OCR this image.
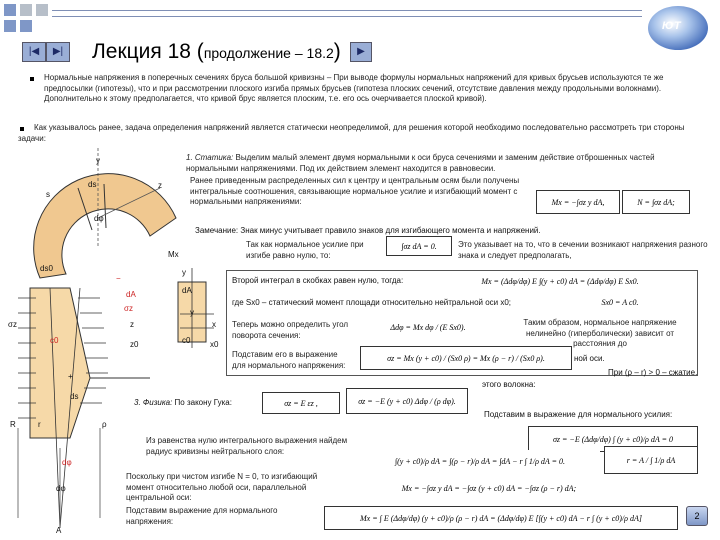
ЮТ
|◀	▶|	Лекция 18 (продолжение – 18.2)	▶
Нормальные напряжения в поперечных сечениях бруса большой кривизны – При выводе формулы нормальных напряжений для кривых брусьев используются те же предпосылки (гипотезы), что и при рассмотрении плоского изгиба прямых брусьев (гипотеза плоских сечений, отсутствие давления между продольными волокнами). Дополнительно к этому предполагается, что кривой брус является плоским, т.е. его ось очерчивается плоской кривой).
Как указывалось ранее, задача определения напряжений является статически неопределимой, для решения которой необходимо последовательно рассмотреть три стороны задачи:
y
ds
s
z
dφ
Mx
ds0
−
dA
σz
σz	z
c0	z0
y
dA
y
x
c0 x0
+
ds
R	r	ρ
dφ
dφ
A
1. Статика: Выделим малый элемент двумя нормальными к оси бруса сечениями и заменим действие отброшенных частей нормальными напряжениями. Под их действием элемент находится в равновесии.
Ранее приведенным распределенных сил к центру и центральным осям были получены интегральные соотношения, связывающие нормальное усилие и изгибающий момент с нормальными напряжениями:	Mx = −∫σz y dA,	N = ∫σz dA;
Замечание: Знак минус учитывает правило знаков для изгибающего момента и напряжений.
Так как нормальное усилие при изгибе равно нулю, то:
∫σz dA = 0.	Это указывает на то, что в сечении возникают напряжения разного знака и следует предполагать,
Второй интеграл в скобках равен нулю, тогда:	Mx = (Δdφ/dφ) E ∫(y + c0) dA = (Δdφ/dφ) E Sx0.
где Sx0 – статический момент площади относительно нейтральной оси x0;	Sx0 = A c0.
Теперь можно определить угол поворота сечения:
Δdφ = Mx dφ / (E Sx0).	Таким образом, нормальное напряжение нелинейно (гиперболически) зависит от расстояния до
Подставим его в выражение для нормального напряжения:
σz = Mx (y + c0) / (Sx0 ρ) = Mx (ρ − r) / (Sx0 ρ).	ной оси.
При (ρ – r) > 0 – сжатие.
этого волокна:
3. Физика: По закону Гука:	σz = E εz ,	σz = −E (y + c0) Δdφ / (ρ dφ).
Подставим в выражение для нормального усилия:
σz = −E (Δdφ/dφ) ∫ (y + c0)/ρ dA = 0
Из равенства нулю интегрального выражения найдем радиус кривизны нейтрального слоя:
∫(y + c0)/ρ dA = ∫(ρ − r)/ρ dA = ∫dA − r ∫ 1/ρ dA = 0.	r = A / ∫ 1/ρ dA
Поскольку при чистом изгибе N = 0, то изгибающий момент относительно любой оси, параллельной центральной оси:
Mx = −∫σz y dA = −∫σz (y + c0) dA = −∫σz (ρ − r) dA;
Подставим выражение для нормального напряжения:	Mx = ∫ E (Δdφ/dφ) (y + c0)/ρ (ρ − r) dA = (Δdφ/dφ) E [∫(y + c0) dA − r ∫ (y + c0)/ρ dA]	2
